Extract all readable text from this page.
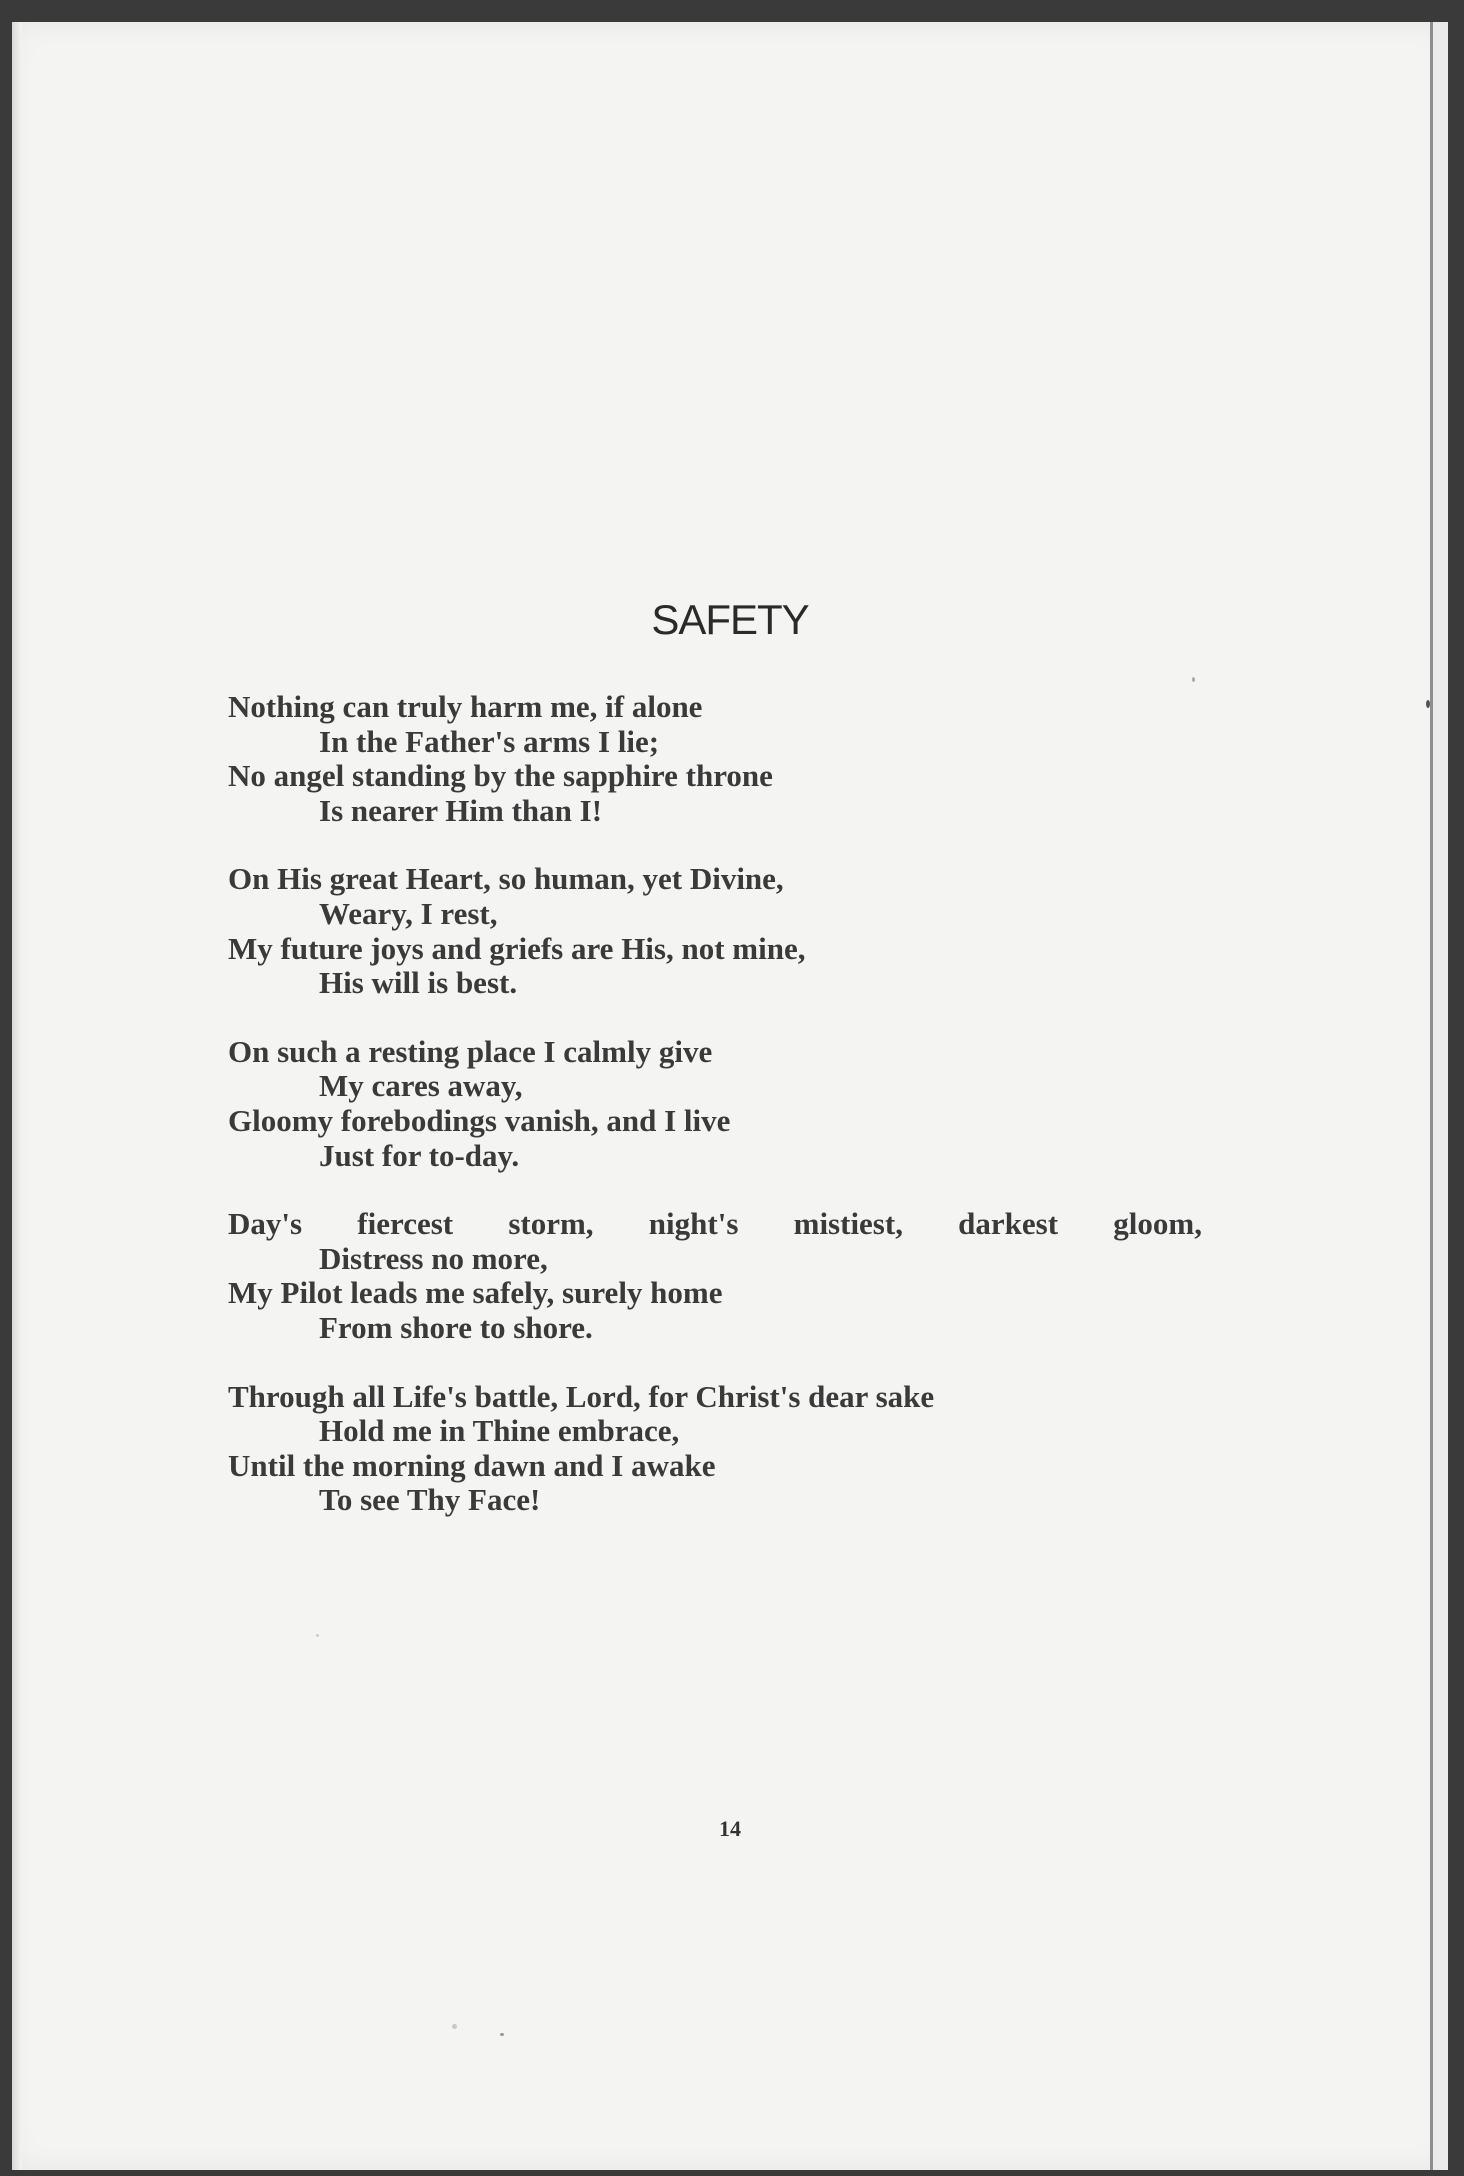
SAFETY
Nothing can truly harm me, if alone
In the Father's arms I lie;
No angel standing by the sapphire throne
Is nearer Him than I!
On His great Heart, so human, yet Divine,
Weary, I rest,
My future joys and griefs are His, not mine,
His will is best.
On such a resting place I calmly give
My cares away,
Gloomy forebodings vanish, and I live
Just for to-day.
Day's fiercest storm, night's mistiest, darkest gloom,
Distress no more,
My Pilot leads me safely, surely home
From shore to shore.
Through all Life's battle, Lord, for Christ's dear sake
Hold me in Thine embrace,
Until the morning dawn and I awake
To see Thy Face!
14
